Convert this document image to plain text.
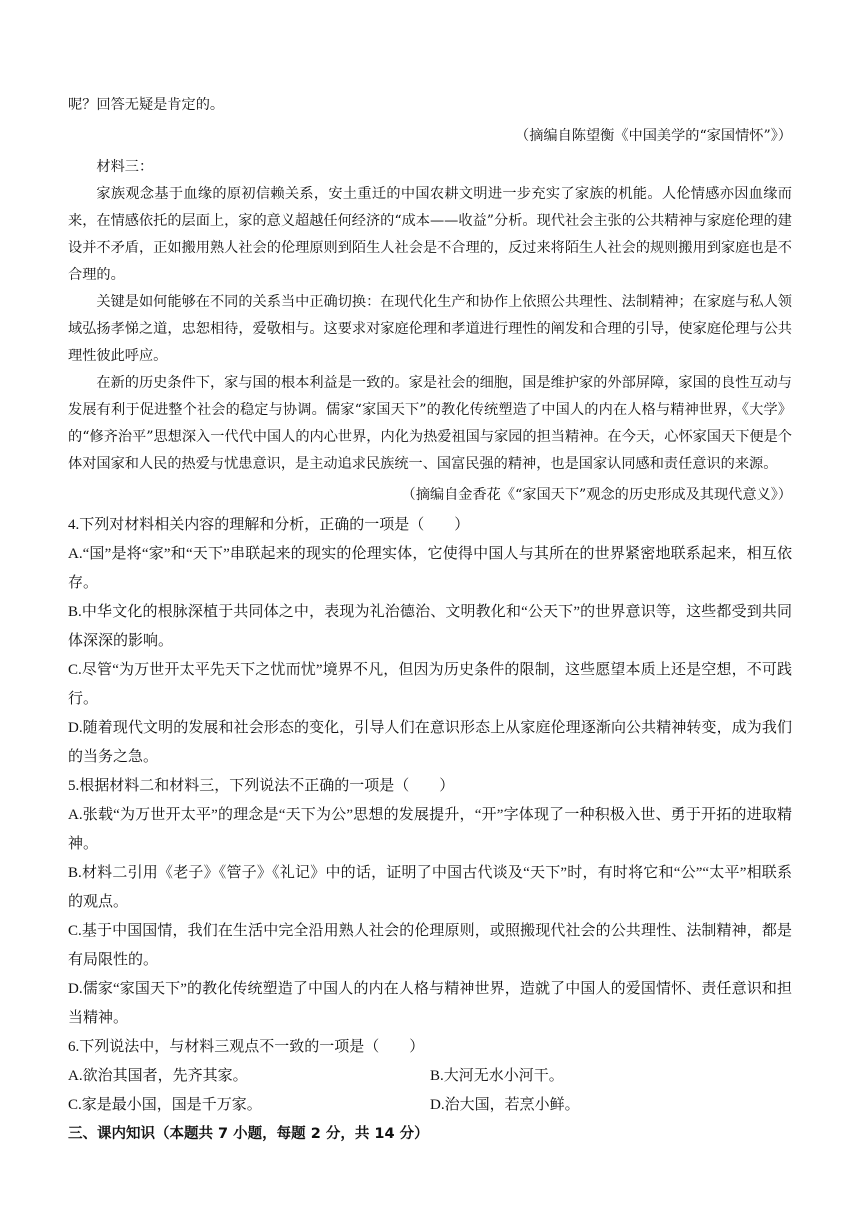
呢？回答无疑是肯定的。

（摘编自陈望衡《中国美学的“家国情怀”》）

材料三：

家族观念基于血缘的原初信赖关系，安土重迁的中国农耕文明进一步充实了家族的机能。人伦情感亦因血缘而来，在情感依托的层面上，家的意义超越任何经济的“成本——收益”分析。现代社会主张的公共精神与家庭伦理的建设并不矛盾，正如搬用熟人社会的伦理原则到陌生人社会是不合理的，反过来将陌生人社会的规则搬用到家庭也是不合理的。

关键是如何能够在不同的关系当中正确切换：在现代化生产和协作上依照公共理性、法制精神；在家庭与私人领域弘扬孝悌之道，忠恕相待，爱敬相与。这要求对家庭伦理和孝道进行理性的阐发和合理的引导，使家庭伦理与公共理性彼此呼应。

在新的历史条件下，家与国的根本利益是一致的。家是社会的细胞，国是维护家的外部屏障，家国的良性互动与发展有利于促进整个社会的稳定与协调。儒家“家国天下”的教化传统塑造了中国人的内在人格与精神世界，《大学》的“修齐治平”思想深入一代代中国人的内心世界，内化为热爱祖国与家园的担当精神。在今天，心怀家国天下便是个体对国家和人民的热爱与忧患意识，是主动追求民族统一、国富民强的精神，也是国家认同感和责任意识的来源。

（摘编自金香花《“家国天下”观念的历史形成及其现代意义》）

4.下列对材料相关内容的理解和分析，正确的一项是（　　）

A.“国”是将“家”和“天下”串联起来的现实的伦理实体，它使得中国人与其所在的世界紧密地联系起来，相互依存。

B.中华文化的根脉深植于共同体之中，表现为礼治德治、文明教化和“公天下”的世界意识等，这些都受到共同体深深的影响。

C.尽管“为万世开太平先天下之忧而忧”境界不凡，但因为历史条件的限制，这些愿望本质上还是空想，不可践行。

D.随着现代文明的发展和社会形态的变化，引导人们在意识形态上从家庭伦理逐渐向公共精神转变，成为我们的当务之急。

5.根据材料二和材料三，下列说法不正确的一项是（　　）

A.张载“为万世开太平”的理念是“天下为公”思想的发展提升，“开”字体现了一种积极入世、勇于开拓的进取精神。

B.材料二引用《老子》《管子》《礼记》中的话，证明了中国古代谈及“天下”时，有时将它和“公”“太平”相联系的观点。

C.基于中国国情，我们在生活中完全沿用熟人社会的伦理原则，或照搬现代社会的公共理性、法制精神，都是有局限性的。

D.儒家“家国天下”的教化传统塑造了中国人的内在人格与精神世界，造就了中国人的爱国情怀、责任意识和担当精神。

6.下列说法中，与材料三观点不一致的一项是（　　）

A.欲治其国者，先齐其家。	B.大河无水小河干。
C.家是最小国，国是千万家。	D.治大国，若烹小鲜。

三、课内知识（本题共 7 小题，每题 2 分，共 14 分）
